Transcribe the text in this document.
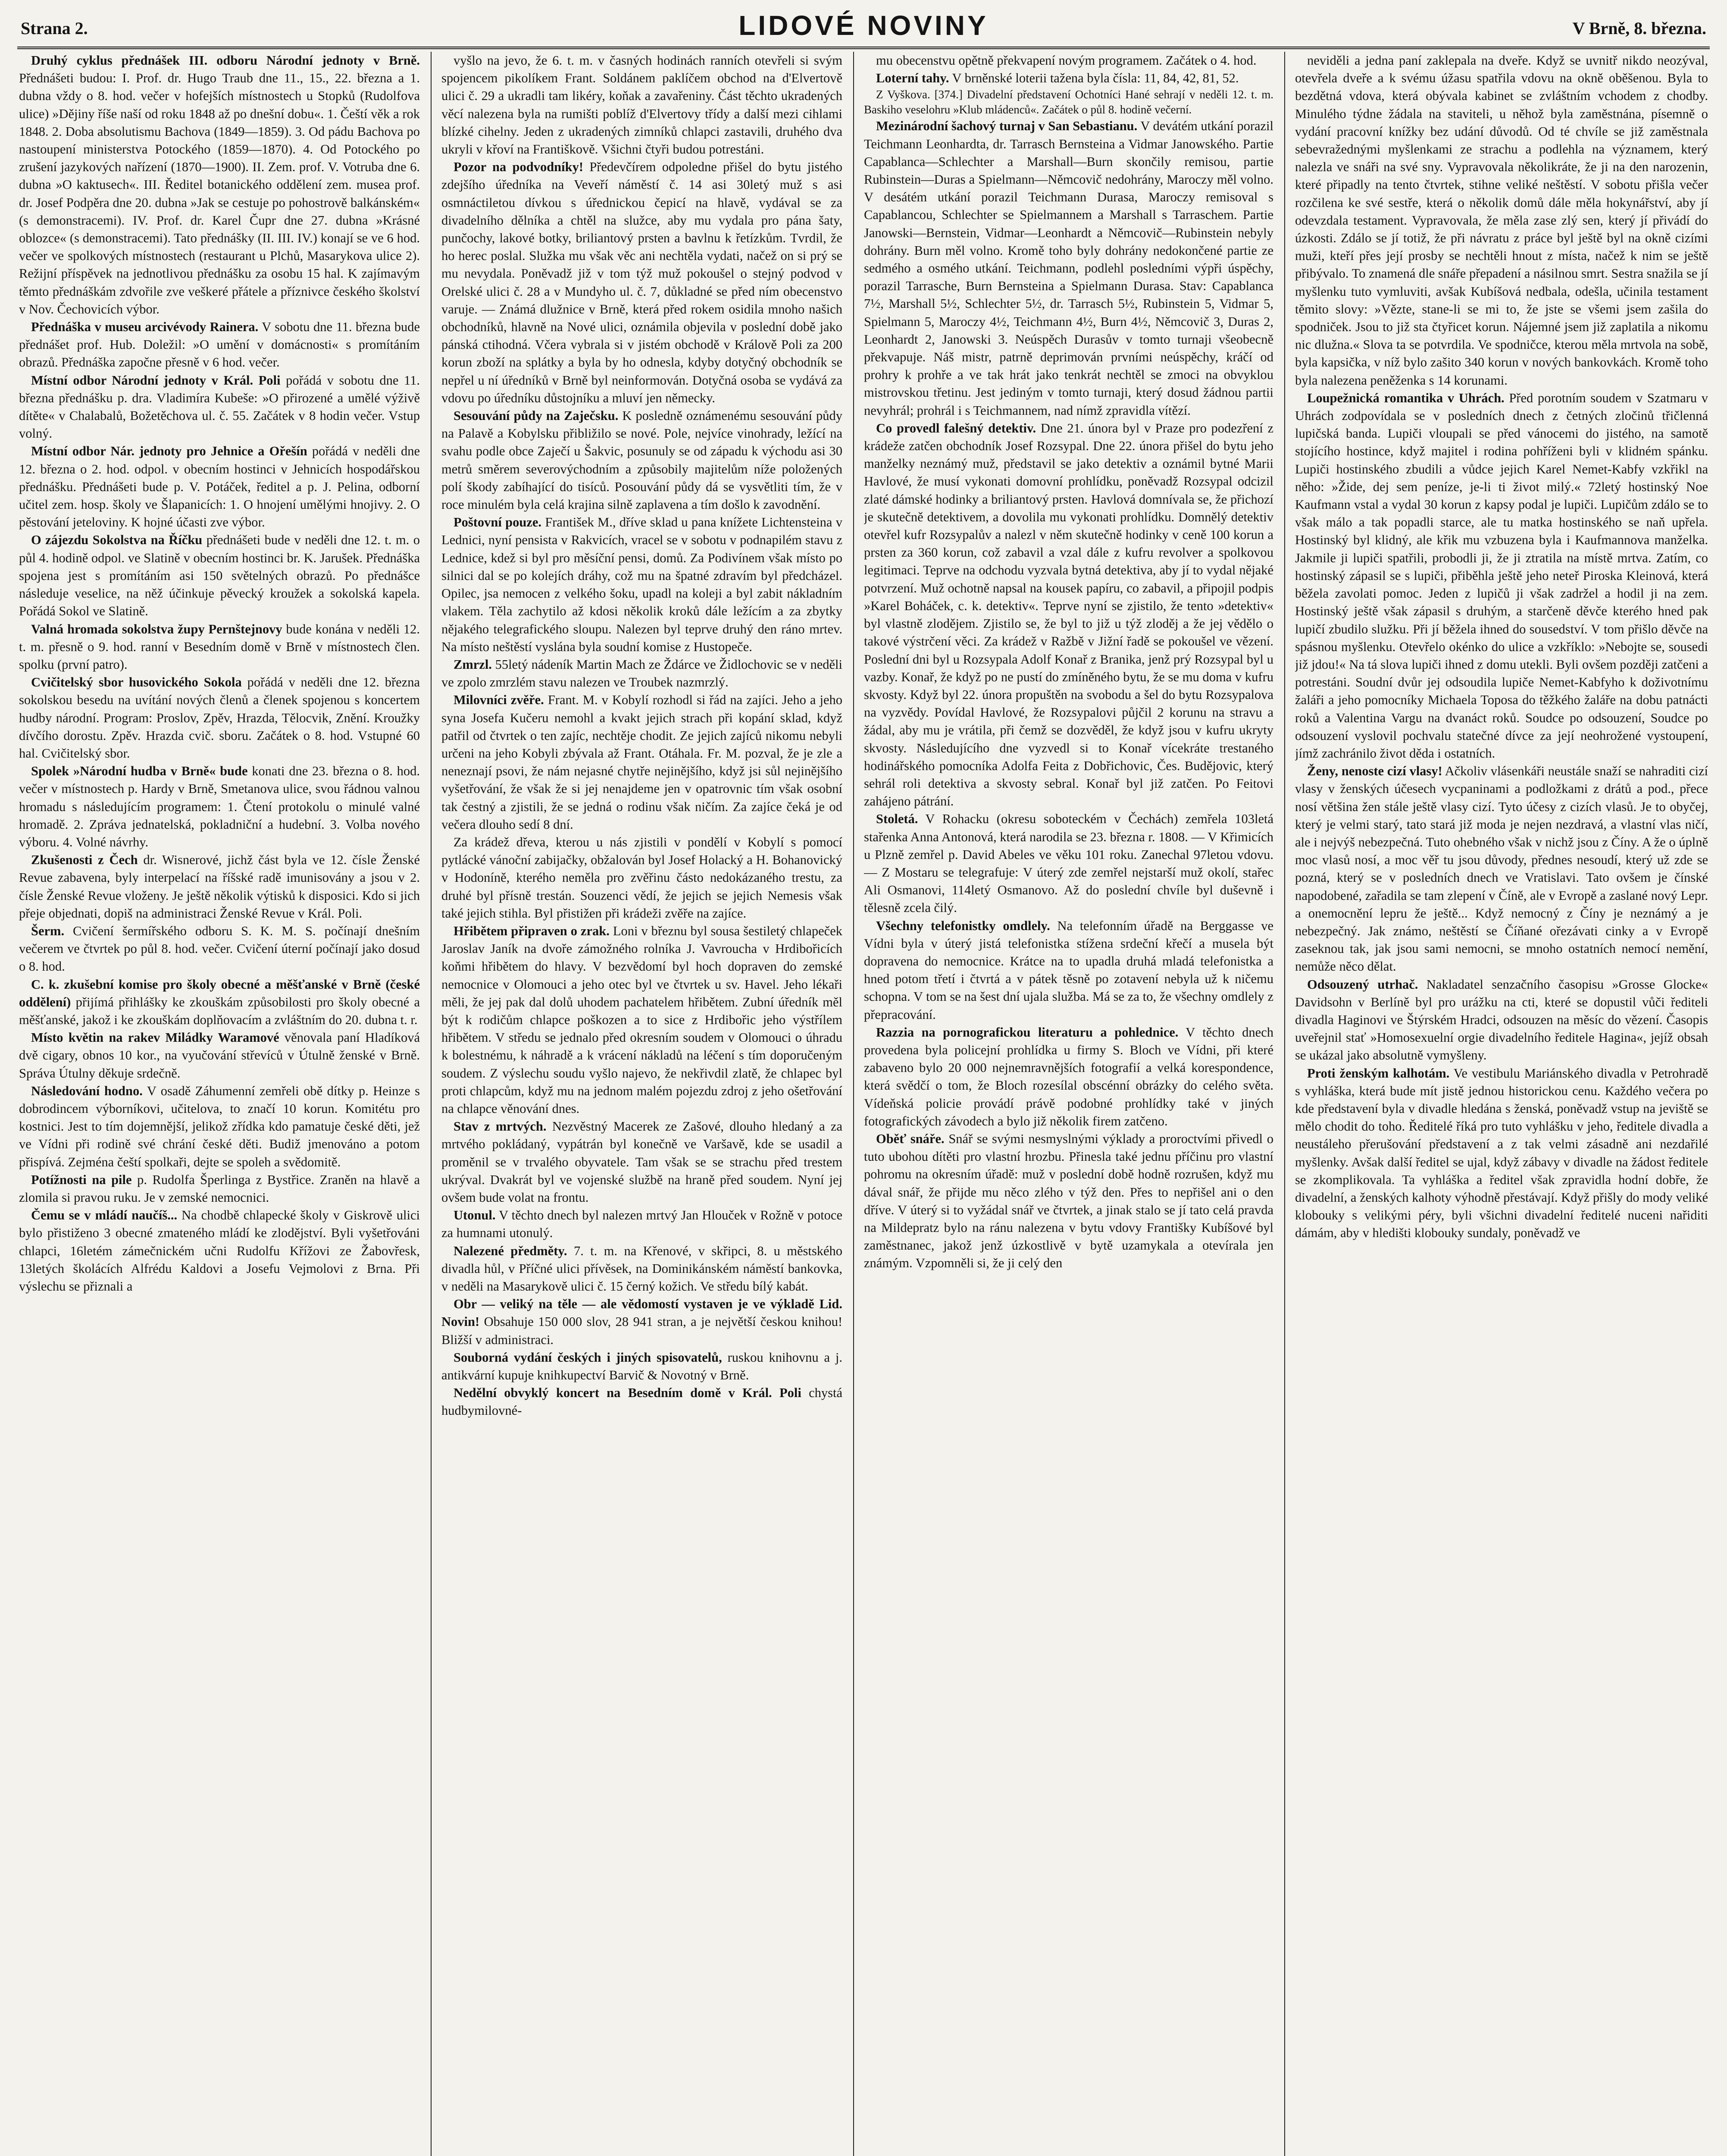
Strana 2.	LIDOVÉ NOVINY	V Brně, 8. března.

Druhý cyklus přednášek III. odboru Národní jednoty v Brně. Přednášeti budou: I. Prof. dr. Hugo Traub dne 11., 15., 22. března a 1. dubna vždy o 8. hod. večer v hofejších místnostech u Stopků (Rudolfova ulice) »Dějiny říše naší od roku 1848 až po dnešní dobu«. 1. Čeští věk a rok 1848. 2. Doba absolutismu Bachova (1849—1859). 3. Od pádu Bachova po nastoupení ministerstva Potockého (1859—1870). 4. Od Potockého po zrušení jazykových nařízení (1870—1900). II. Zem. prof. V. Votruba dne 6. dubna »O kaktusech«. III. Ředitel botanického oddělení zem. musea prof. dr. Josef Podpěra dne 20. dubna »Jak se cestuje po pohostrově balkánském« (s demonstracemi). IV. Prof. dr. Karel Čupr dne 27. dubna »Krásné oblozce« (s demonstracemi). Tato přednášky (II. III. IV.) konají se ve 6 hod. večer ve spolkových místnostech (restaurant u Plchů, Masarykova ulice 2). Režijní příspěvek na jednotlivou přednášku za osobu 15 hal. K zajímavým těmto přednáškám zdvořile zve veškeré přátele a příznivce českého školství v Nov. Čechovicích výbor.

Přednáška v museu arcivévody Rainera. V sobotu dne 11. března bude přednášet prof. Hub. Doležil: »O umění v domácnosti« s promítáním obrazů. Přednáška započne přesně v 6 hod. večer.

Místní odbor Národní jednoty v Král. Poli pořádá v sobotu dne 11. března přednášku p. dra. Vladimíra Kubeše: »O přirozené a umělé výživě dítěte« v Chalabalů, Božetěchova ul. č. 55. Začátek v 8 hodin večer. Vstup volný.

Místní odbor Nár. jednoty pro Jehnice a Ořešín pořádá v neděli dne 12. března o 2. hod. odpol. v obecním hostinci v Jehnicích hospodářskou přednášku. Přednášeti bude p. V. Potáček, ředitel a p. J. Pelina, odborní učitel zem. hosp. školy ve Šlapanicích: 1. O hnojení umělými hnojivy. 2. O pěstování jeteloviny. K hojné účasti zve výbor.

O zájezdu Sokolstva na Říčku přednášeti bude v neděli dne 12. t. m. o půl 4. hodině odpol. ve Slatině v obecním hostinci br. K. Jarušek. Přednáška spojena jest s promítáním asi 150 světelných obrazů. Po přednášce následuje veselice, na něž účinkuje pěvecký kroužek a sokolská kapela. Pořádá Sokol ve Slatině.

Valná hromada sokolstva župy Pernštejnovy bude konána v neděli 12. t. m. přesně o 9. hod. ranní v Besedním domě v Brně v místnostech člen. spolku (první patro).

Cvičitelský sbor husovického Sokola pořádá v neděli dne 12. března sokolskou besedu na uvítání nových členů a členek spojenou s koncertem hudby národní. Program: Proslov, Zpěv, Hrazda, Tělocvik, Znění. Kroužky dívčího dorostu. Zpěv. Hrazda cvič. sboru. Začátek o 8. hod. Vstupné 60 hal. Cvičitelský sbor.

Spolek »Národní hudba v Brně« bude konati dne 23. března o 8. hod. večer v místnostech p. Hardy v Brně, Smetanova ulice, svou řádnou valnou hromadu s následujícím programem: 1. Čtení protokolu o minulé valné hromadě. 2. Zpráva jednatelská, pokladniční a hudební. 3. Volba nového výboru. 4. Volné návrhy.

Zkušenosti z Čech dr. Wisnerové, jichž část byla ve 12. čísle Ženské Revue zabavena, byly interpelací na říšské radě imunisovány a jsou v 2. čísle Ženské Revue vloženy. Je ještě několik výtisků k disposici. Kdo si jich přeje objednati, dopiš na administraci Ženské Revue v Král. Poli.

Šerm. Cvičení šermířského odboru S. K. M. S. počínají dnešním večerem ve čtvrtek po půl 8. hod. večer. Cvičení úterní počínají jako dosud o 8. hod.

C. k. zkušební komise pro školy obecné a měšťanské v Brně (české oddělení) přijímá přihlášky ke zkouškám způsobilosti pro školy obecné a měšťanské, jakož i ke zkouškám doplňovacím a zvláštním do 20. dubna t. r.

Místo květin na rakev Miládky Waramové věnovala paní Hladíková dvě cigary, obnos 10 kor., na vyučování střevíců v Útulně ženské v Brně. Správa Útulny děkuje srdečně.

Následování hodno. V osadě Záhumenní zemřeli obě dítky p. Heinze s dobrodincem výborníkovi, učitelova, to značí 10 korun. Komitétu pro kostnici. Jest to tím dojemnější, jelikož zřídka kdo pamatuje české děti, jež ve Vídni při rodině své chrání české děti. Budiž jmenováno a potom přispívá. Zejména čeští spolkaři, dejte se spoleh a svědomitě.

Potížnosti na pile p. Rudolfa Šperlinga z Bystřice. Zraněn na hlavě a zlomila si pravou ruku. Je v zemské nemocnici.

Čemu se v mládí naučíš... Na chodbě chlapecké školy v Giskrově ulici bylo přistiženo 3 obecné zmateného mládí ke zlodějství. Byli vyšetřováni chlapci, 16letém zámečnickém učni Rudolfu Křížovi ze Žabovřesk, 13letých školácích Alfrédu Kaldovi a Josefu Vejmolovi z Brna. Při výslechu se přiznali a

vyšlo na jevo, že 6. t. m. v časných hodinách ranních otevřeli si svým spojencem pikolíkem Frant. Soldánem paklíčem obchod na d'Elvertově ulici č. 29 a ukradli tam likéry, koňak a zavařeniny. Část těchto ukradených věcí nalezena byla na rumišti poblíž d'Elvertovy třídy a další mezi cihlami blízké cihelny. Jeden z ukradených zimníků chlapci zastavili, druhého dva ukryli v křoví na Františkově. Všichni čtyři budou potrestáni.

Pozor na podvodníky! Předevčírem odpoledne přišel do bytu jistého zdejšího úředníka na Veveří náměstí č. 14 asi 30letý muž s asi osmnáctiletou dívkou s úřednickou čepicí na hlavě, vydával se za divadelního dělníka a chtěl na služce, aby mu vydala pro pána šaty, punčochy, lakové botky, briliantový prsten a bavlnu k řetízkům. Tvrdil, že ho herec poslal. Služka mu však věc ani nechtěla vydati, načež on si prý se mu nevydala. Poněvadž již v tom týž muž pokoušel o stejný podvod v Orelské ulici č. 28 a v Mundyho ul. č. 7, důkladné se před ním obecenstvo varuje. — Známá dlužnice v Brně, která před rokem osidila mnoho našich obchodníků, hlavně na Nové ulici, oznámila objevila v poslední době jako pánská ctihodná. Včera vybrala si v jistém obchodě v Králově Poli za 200 korun zboží na splátky a byla by ho odnesla, kdyby dotyčný obchodník se nepřel u ní úředníků v Brně byl neinformován. Dotyčná osoba se vydává za vdovu po úředníku důstojníku a mluví jen německy.

Sesouvání půdy na Zaječsku. K posledně oznámenému sesouvání půdy na Palavě a Kobylsku přibližilo se nové. Pole, nejvíce vinohrady, ležící na svahu podle obce Zaječí u Šakvic, posunuly se od západu k východu asi 30 metrů směrem severovýchodním a způsobily majitelům níže položených polí škody zabíhající do tisíců. Posouvání půdy dá se vysvětliti tím, že v roce minulém byla celá krajina silně zaplavena a tím došlo k zavodnění.

Poštovní pouze. František M., dříve sklad u pana knížete Lichtensteina v Lednici, nyní pensista v Rakvicích, vracel se v sobotu v podnapilém stavu z Lednice, kdež si byl pro měsíční pensi, domů. Za Podivínem však místo po silnici dal se po kolejích dráhy, což mu na špatné zdravím byl předcházel. Opilec, jsa nemocen z velkého šoku, upadl na koleji a byl zabit nákladním vlakem. Těla zachytilo až kdosi několik kroků dále ležícím a za zbytky nějakého telegrafického sloupu. Nalezen byl teprve druhý den ráno mrtev. Na místo neštěstí vyslána byla soudní komise z Hustopeče.

Zmrzl. 55letý nádeník Martin Mach ze Ždárce ve Židlochovic se v neděli ve zpolo zmrzlém stavu nalezen ve Troubek nazmrzlý.

Milovníci zvěře. Frant. M. v Kobylí rozhodl si řád na zajíci. Jeho a jeho syna Josefa Kučeru nemohl a kvakt jejich strach při kopání sklad, když patřil od čtvrtek o ten zajíc, nechtěje chodit. Ze jejich zajíců nikomu nebyli určeni na jeho Kobyli zbývala až Frant. Otáhala. Fr. M. pozval, že je zle a neneznají psovi, že nám nejasné chytře nejinějšího, když jsi sůl nejinějšího vyšetřování, že však že si jej nenajdeme jen v opatrovnic tím však osobní tak čestný a zjistili, že se jedná o rodinu však ničím. Za zajíce čeká je od večera dlouho sedí 8 dní.

Za krádež dřeva, kterou u nás zjistili v pondělí v Kobylí s pomocí pytlácké vánoční zabijačky, obžalován byl Josef Holacký a H. Bohanovický v Hodoníně, kterého neměla pro zvěřinu částo nedokázaného trestu, za druhé byl přísně trestán. Souzenci vědí, že jejich se jejich Nemesis však také jejich stihla. Byl přistižen při krádeži zvěře na zajíce.

Hřibětem připraven o zrak. Loni v březnu byl sousa šestiletý chlapeček Jaroslav Janík na dvoře zámožného rolníka J. Vavroucha v Hrdibořicích koňmi hřibětem do hlavy. V bezvědomí byl hoch dopraven do zemské nemocnice v Olomouci a jeho otec byl ve čtvrtek u sv. Havel. Jeho lékaři měli, že jej pak dal dolů uhodem pachatelem hřibětem. Zubní úředník měl být k rodičům chlapce poškozen a to sice z Hrdibořic jeho výstřílem hřibětem. V středu se jednalo před okresním soudem v Olomouci o úhradu k bolestnému, k náhradě a k vrácení nákladů na léčení s tím doporučeným soudem. Z výslechu soudu vyšlo najevo, že nekřivdil zlatě, že chlapec byl proti chlapcům, když mu na jednom malém pojezdu zdroj z jeho ošetřování na chlapce věnování dnes.

Stav z mrtvých. Nezvěstný Macerek ze Zašové, dlouho hledaný a za mrtvého pokládaný, vypátrán byl konečně ve Varšavě, kde se usadil a proměnil se v trvalého obyvatele. Tam však se se strachu před trestem ukrýval. Dvakrát byl ve vojenské službě na hraně před soudem. Nyní jej ovšem bude volat na frontu.

Utonul. V těchto dnech byl nalezen mrtvý Jan Hlouček v Rožně v potoce za humnami utonulý.

Nalezené předměty. 7. t. m. na Křenové, v skřipci, 8. u městského divadla hůl, v Příčné ulici přívěsek, na Dominikánském náměstí bankovka, v neděli na Masarykově ulici č. 15 černý kožich. Ve středu bílý kabát.

Obr — veliký na těle — ale vědomostí vystaven je ve výkladě Lid. Novin! Obsahuje 150 000 slov, 28 941 stran, a je největší českou knihou! Bližší v administraci.

Souborná vydání českých i jiných spisovatelů, ruskou knihovnu a j. antikvární kupuje knihkupectví Barvič & Novotný v Brně.

Nedělní obvyklý koncert na Besedním domě v Král. Poli chystá hudbymilovné-

mu obecenstvu opětně překvapení novým programem. Začátek o 4. hod.

Loterní tahy. V brněnské loterii tažena byla čísla: 11, 84, 42, 81, 52.

Z Vyškova. [374.] Divadelní představení Ochotníci Hané sehrají v neděli 12. t. m. Baskiho veselohru »Klub mládenců«. Začátek o půl 8. hodině večerní.

Mezinárodní šachový turnaj v San Sebastianu. V devátém utkání porazil Teichmann Leonhardta, dr. Tarrasch Bernsteina a Vidmar Janowského. Partie Capablanca—Schlechter a Marshall—Burn skončily remisou, partie Rubinstein—Duras a Spielmann—Němcovič nedohrány, Maroczy měl volno. V desátém utkání porazil Teichmann Durasa, Maroczy remisoval s Capablancou, Schlechter se Spielmannem a Marshall s Tarraschem. Partie Janowski—Bernstein, Vidmar—Leonhardt a Němcovič—Rubinstein nebyly dohrány. Burn měl volno. Kromě toho byly dohrány nedokončené partie ze sedmého a osmého utkání. Teichmann, podlehl posledními výpři úspěchy, porazil Tarrasche, Burn Bernsteina a Spielmann Durasa. Stav: Capablanca 7½, Marshall 5½, Schlechter 5½, dr. Tarrasch 5½, Rubinstein 5, Vidmar 5, Spielmann 5, Maroczy 4½, Teichmann 4½, Burn 4½, Němcovič 3, Duras 2, Leonhardt 2, Janowski 3. Neúspěch Durasův v tomto turnaji všeobecně překvapuje. Náš mistr, patrně deprimován prvními neúspěchy, kráčí od prohry k prohře a ve tak hrát jako tenkrát nechtěl se zmoci na obvyklou mistrovskou třetinu. Jest jediným v tomto turnaji, který dosud žádnou partii nevyhrál; prohrál i s Teichmannem, nad nímž zpravidla vítězí.

Co provedl falešný detektiv. Dne 21. února byl v Praze pro podezření z krádeže zatčen obchodník Josef Rozsypal. Dne 22. února přišel do bytu jeho manželky neznámý muž, představil se jako detektiv a oznámil bytné Marii Havlové, že musí vykonati domovní prohlídku, poněvadž Rozsypal odcizil zlaté dámské hodinky a briliantový prsten. Havlová domnívala se, že přichozí je skutečně detektivem, a dovolila mu vykonati prohlídku. Domnělý detektiv otevřel kufr Rozsypalův a nalezl v něm skutečně hodinky v ceně 100 korun a prsten za 360 korun, což zabavil a vzal dále z kufru revolver a spolkovou legitimaci. Teprve na odchodu vyzvala bytná detektiva, aby jí to vydal nějaké potvrzení. Muž ochotně napsal na kousek papíru, co zabavil, a připojil podpis »Karel Boháček, c. k. detektiv«. Teprve nyní se zjistilo, že tento »detektiv« byl vlastně zlodějem. Zjistilo se, že byl to již u týž zloděj a že jej vědělo o takové výstrčení věci. Za krádež v Ražbě v Jižní řadě se pokoušel ve vězení. Poslední dni byl u Rozsypala Adolf Konař z Branika, jenž prý Rozsypal byl u vazby. Konař, že když po ne pustí do zmíněného bytu, že se mu doma v kufru skvosty. Když byl 22. února propuštěn na svobodu a šel do bytu Rozsypalova na vyzvědy. Povídal Havlové, že Rozsypalovi půjčil 2 korunu na stravu a žádal, aby mu je vrátila, při čemž se dozvěděl, že když jsou v kufru ukryty skvosty. Následujícího dne vyzvedl si to Konař vícekráte trestaného hodinářského pomocníka Adolfa Feita z Dobřichovic, Čes. Budějovic, který sehrál roli detektiva a skvosty sebral. Konař byl již zatčen. Po Feitovi zahájeno pátrání.

Stoletá. V Rohacku (okresu soboteckém v Čechách) zemřela 103letá stařenka Anna Antonová, která narodila se 23. března r. 1808. — V Křimicích u Plzně zemřel p. David Abeles ve věku 101 roku. Zanechal 97letou vdovu. — Z Mostaru se telegrafuje: V úterý zde zemřel nejstarší muž okolí, stařec Ali Osmanovi, 114letý Osmanovo. Až do poslední chvíle byl duševně i tělesně zcela čilý.

Všechny telefonistky omdlely. Na telefonním úřadě na Berggasse ve Vídni byla v úterý jistá telefonistka stížena srdeční křečí a musela být dopravena do nemocnice. Krátce na to upadla druhá mladá telefonistka a hned potom třetí i čtvrtá a v pátek těsně po zotavení nebyla už k ničemu schopna. V tom se na šest dní ujala služba. Má se za to, že všechny omdlely z přepracování.

Razzia na pornografickou literaturu a pohlednice. V těchto dnech provedena byla policejní prohlídka u firmy S. Bloch ve Vídni, při které zabaveno bylo 20 000 nejnemravnějších fotografií a velká korespondence, která svědčí o tom, že Bloch rozesílal obscénní obrázky do celého světa. Vídeňská policie provádí právě podobné prohlídky také v jiných fotografických závodech a bylo již několik firem zatčeno.

Oběť snáře. Snář se svými nesmyslnými výklady a proroctvími přivedl o tuto ubohou dítěti pro vlastní hrozbu. Přinesla také jednu příčinu pro vlastní pohromu na okresním úřadě: muž v poslední době hodně rozrušen, když mu dával snář, že přijde mu něco zlého v týž den. Přes to nepřišel ani o den dříve. V úterý si to vyžádal snář ve čtvrtek, a jinak stalo se jí tato celá pravda na Mildepratz bylo na ránu nalezena v bytu vdovy Františky Kubíšové byl zaměstnanec, jakož jenž úzkostlivě v bytě uzamykala a otevírala jen známým. Vzpomněli si, že ji celý den

neviděli a jedna paní zaklepala na dveře. Když se uvnitř nikdo neozýval, otevřela dveře a k svému úžasu spatřila vdovu na okně oběšenou. Byla to bezdětná vdova, která obývala kabinet se zvláštním vchodem z chodby. Minulého týdne žádala na staviteli, u něhož byla zaměstnána, písemně o vydání pracovní knížky bez udání důvodů. Od té chvíle se již zaměstnala sebevražednými myšlenkami ze strachu a podlehla na významem, který nalezla ve snáři na své sny. Vypravovala několikráte, že ji na den narozenin, které připadly na tento čtvrtek, stihne veliké neštěstí. V sobotu přišla večer rozčilena ke své sestře, která o několik domů dále měla hokynářství, aby jí odevzdala testament. Vypravovala, že měla zase zlý sen, který jí přivádí do úzkosti. Zdálo se jí totiž, že při návratu z práce byl ještě byl na okně cizími muži, kteří přes její prosby se nechtěli hnout z místa, načež k nim se ještě přibývalo. To znamená dle snáře přepadení a násilnou smrt. Sestra snažila se jí myšlenku tuto vymluviti, avšak Kubíšová nedbala, odešla, učinila testament těmito slovy: »Vězte, stane-li se mi to, že jste se všemi jsem zašila do spodniček. Jsou to již sta čtyřicet korun. Nájemné jsem již zaplatila a nikomu nic dlužna.« Slova ta se potvrdila. Ve spodničce, kterou měla mrtvola na sobě, byla kapsička, v níž bylo zašito 340 korun v nových bankovkách. Kromě toho byla nalezena peněženka s 14 korunami.

Loupežnická romantika v Uhrách. Před porotním soudem v Szatmaru v Uhrách zodpovídala se v posledních dnech z četných zločinů třičlenná lupičská banda. Lupiči vloupali se před vánocemi do jistého, na samotě stojícího hostince, když majitel i rodina pohříženi byli v klidném spánku. Lupiči hostinského zbudili a vůdce jejich Karel Nemet-Kabfy vzkřikl na něho: »Žide, dej sem peníze, je-li ti život milý.« 72letý hostinský Noe Kaufmann vstal a vydal 30 korun z kapsy podal je lupiči. Lupičům zdálo se to však málo a tak popadli starce, ale tu matka hostinského se naň upřela. Hostinský byl klidný, ale křik mu vzbuzena byla i Kaufmannova manželka. Jakmile ji lupiči spatřili, probodli ji, že ji ztratila na místě mrtva. Zatím, co hostinský zápasil se s lupiči, přiběhla ještě jeho neteř Piroska Kleinová, která běžela zavolati pomoc. Jeden z lupičů ji však zadržel a hodil ji na zem. Hostinský ještě však zápasil s druhým, a starčeně děvče kterého hned pak lupičí zbudilo služku. Při jí běžela ihned do sousedství. V tom přišlo děvče na spásnou myšlenku. Otevřelo okénko do ulice a vzkříklo: »Nebojte se, sousedi již jdou!« Na tá slova lupiči ihned z domu utekli. Byli ovšem později zatčeni a potrestáni. Soudní dvůr jej odsoudila lupiče Nemet-Kabfyho k doživotnímu žaláři a jeho pomocníky Michaela Toposa do těžkého žaláře na dobu patnácti roků a Valentina Vargu na dvanáct roků. Soudce po odsouzení, Soudce po odsouzení vyslovil pochvalu statečné dívce za její neohrožené vystoupení, jímž zachránilo život děda i ostatních.

Ženy, nenoste cizí vlasy! Ačkoliv vlásenkáři neustále snaží se nahraditi cizí vlasy v ženských účesech vycpaninami a podložkami z drátů a pod., přece nosí většina žen stále ještě vlasy cizí. Tyto účesy z cizích vlasů. Je to obyčej, který je velmi starý, tato stará již moda je nejen nezdravá, a vlastní vlas ničí, ale i nejvýš nebezpečná. Tuto ohebného však v nichž jsou z Číny. A že o úplně moc vlasů nosí, a moc věř tu jsou důvody, přednes nesoudí, který už zde se pozná, který se v posledních dnech ve Vratislavi. Tato ovšem je čínské napodobené, zařadila se tam zlepení v Číně, ale v Evropě a zaslané nový Lepr. a onemocnění lepru že ještě... Když nemocný z Číny je neznámý a je nebezpečný. Jak známo, neštěstí se Číňané ořezávati cinky a v Evropě zaseknou tak, jak jsou sami nemocni, se mnoho ostatních nemocí nemění, nemůže něco dělat.

Odsouzený utrhač. Nakladatel senzačního časopisu »Grosse Glocke« Davidsohn v Berlíně byl pro urážku na cti, které se dopustil vůči řediteli divadla Haginovi ve Štýrském Hradci, odsouzen na měsíc do vězení. Časopis uveřejnil stať »Homosexuelní orgie divadelního ředitele Hagina«, jejíž obsah se ukázal jako absolutně vymyšleny.

Proti ženským kalhotám. Ve vestibulu Mariánského divadla v Petrohradě s vyhláška, která bude mít jistě jednou historickou cenu. Každého večera po kde představení byla v divadle hledána s ženská, poněvadž vstup na jeviště se mělo chodit do toho. Ředitelé říká pro tuto vyhlášku v jeho, ředitele divadla a neustáleho přerušování představení a z tak velmi zásadně ani nezdařilé myšlenky. Avšak další ředitel se ujal, když zábavy v divadle na žádost ředitele se zkomplikovala. Ta vyhláška a ředitel však zpravidla hodní dobře, že divadelní, a ženských kalhoty výhodně přestávají. Když přišly do mody veliké klobouky s velikými péry, byli všichni divadelní ředitelé nuceni nařiditi dámám, aby v hledišti klobouky sundaly, poněvadž ve
